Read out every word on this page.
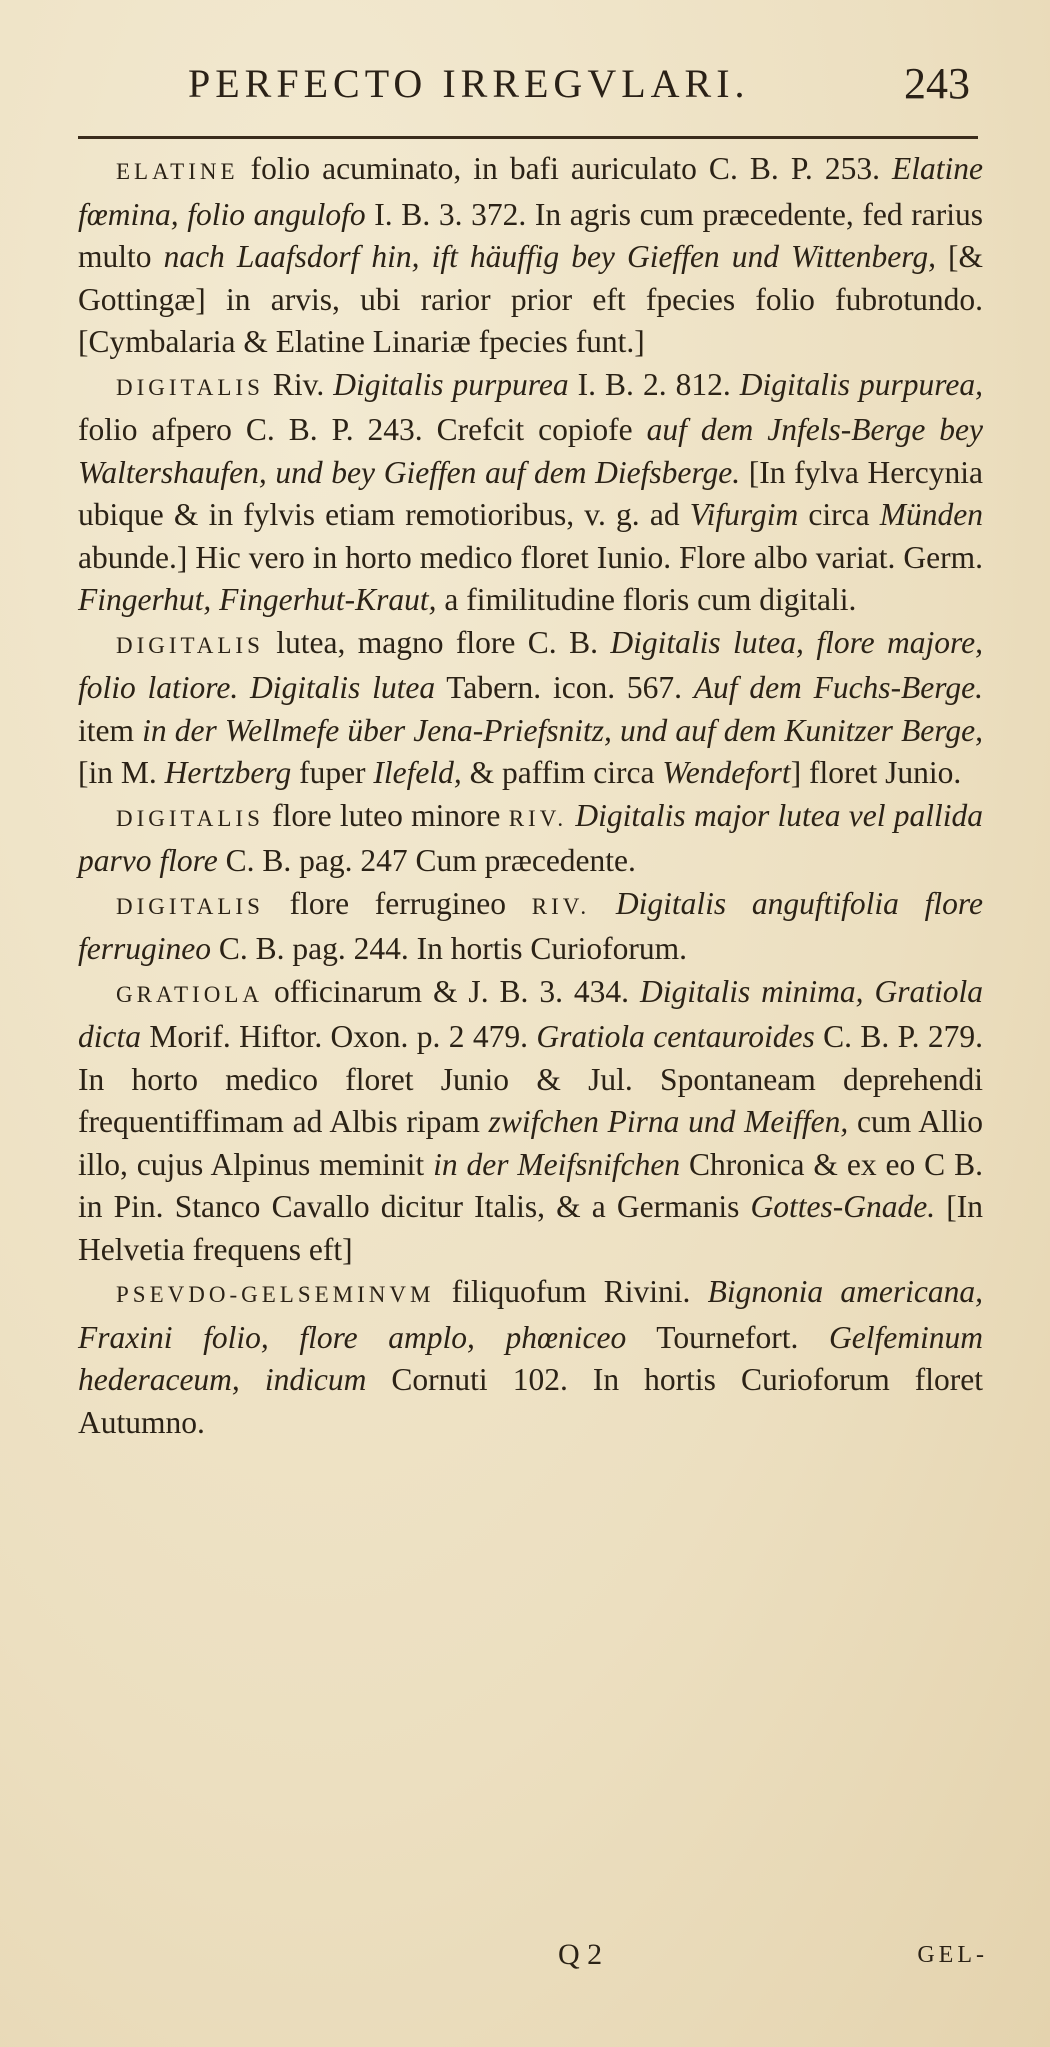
PERFECTO IRREGVLARI.	243

ELATINE folio acuminato, in bafi auriculato C. B. P. 253. Elatine fœmina, folio angulofo I. B. 3. 372. In agris cum præcedente, fed rarius multo nach Laafsdorf hin, ift häuffig bey Gieffen und Wittenberg, [& Gottingæ] in arvis, ubi rarior prior eft fpecies folio fubrotundo. [Cymbalaria & Elatine Linariæ fpecies funt.]

DIGITALIS Riv. Digitalis purpurea I. B. 2. 812. Digitalis purpurea, folio afpero C. B. P. 243. Crefcit copiofe auf dem Jnfels-Berge bey Waltershaufen, und bey Gieffen auf dem Diefsberge. [In fylva Hercynia ubique & in fylvis etiam remotioribus, v. g. ad Vifurgim circa Münden abunde.] Hic vero in horto medico floret Iunio. Flore albo variat. Germ. Fingerhut, Fingerhut-Kraut, a fimilitudine floris cum digitali.

DIGITALIS lutea, magno flore C. B. Digitalis lutea, flore majore, folio latiore. Digitalis lutea Tabern. icon. 567. Auf dem Fuchs-Berge. item in der Wellmefe über Jena-Priefsnitz, und auf dem Kunitzer Berge, [in M. Hertzberg fuper Ilefeld, & paffim circa Wendefort] floret Junio.

DIGITALIS flore luteo minore RIV. Digitalis major lutea vel pallida parvo flore C. B. pag. 247 Cum præcedente.

DIGITALIS flore ferrugineo RIV. Digitalis anguftifolia flore ferrugineo C. B. pag. 244. In hortis Curioforum.

GRATIOLA officinarum & J. B. 3. 434. Digitalis minima, Gratiola dicta Morif. Hiftor. Oxon. p. 2 479. Gratiola centauroides C. B. P. 279. In horto medico floret Junio & Jul. Spontaneam deprehendi frequentiffimam ad Albis ripam zwifchen Pirna und Meiffen, cum Allio illo, cujus Alpinus meminit in der Meifsnifchen Chronica & ex eo C B. in Pin. Stanco Cavallo dicitur Italis, & a Germanis Gottes-Gnade. [In Helvetia frequens eft]

PSEVDO-GELSEMINVM filiquofum Rivini. Bignonia americana, Fraxini folio, flore amplo, phœniceo Tournefort. Gelfeminum hederaceum, indicum Cornuti 102. In hortis Curioforum floret Autumno.

Q 2	GEL-
